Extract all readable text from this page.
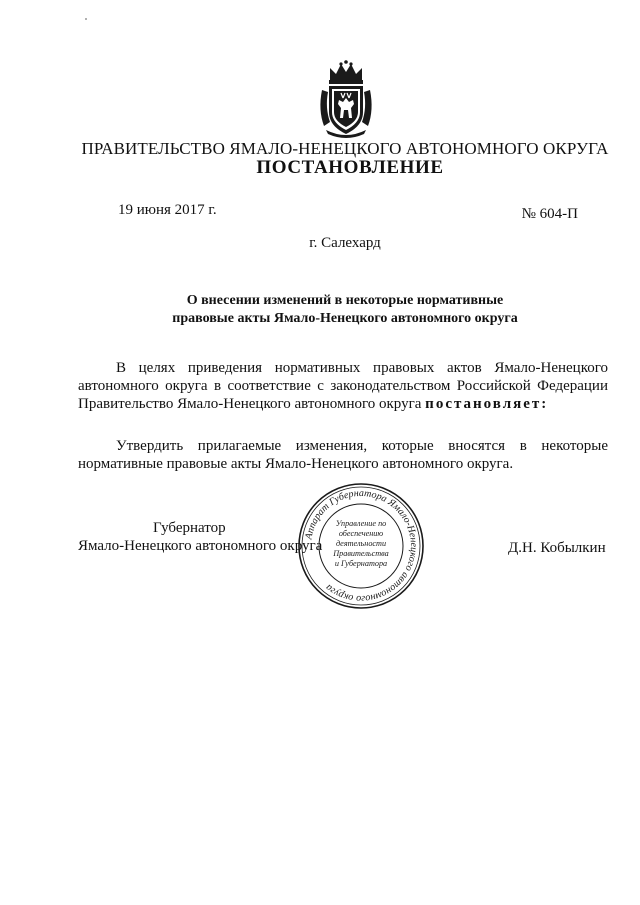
ПРАВИТЕЛЬСТВО ЯМАЛО-НЕНЕЦКОГО АВТОНОМНОГО ОКРУГА
ПОСТАНОВЛЕНИЕ
19 июня 2017 г.	№ 604-П
г. Салехард
О внесении изменений в некоторые нормативные
правовые акты Ямало-Ненецкого автономного округа
В целях приведения нормативных правовых актов Ямало-Ненецкого
автономного округа в соответствие с законодательством Российской Федерации
Правительство Ямало-Ненецкого автономного округа постановляет:
Утвердить прилагаемые изменения, которые вносятся в некоторые
нормативные правовые акты Ямало-Ненецкого автономного округа.
Губернатор
Ямало-Ненецкого автономного округа	Д.Н. Кобылкин
Аппарат Губернатора Ямало-Ненецкого автономного округа
Управление по
обеспечению
деятельности
Правительства
и Губернатора
